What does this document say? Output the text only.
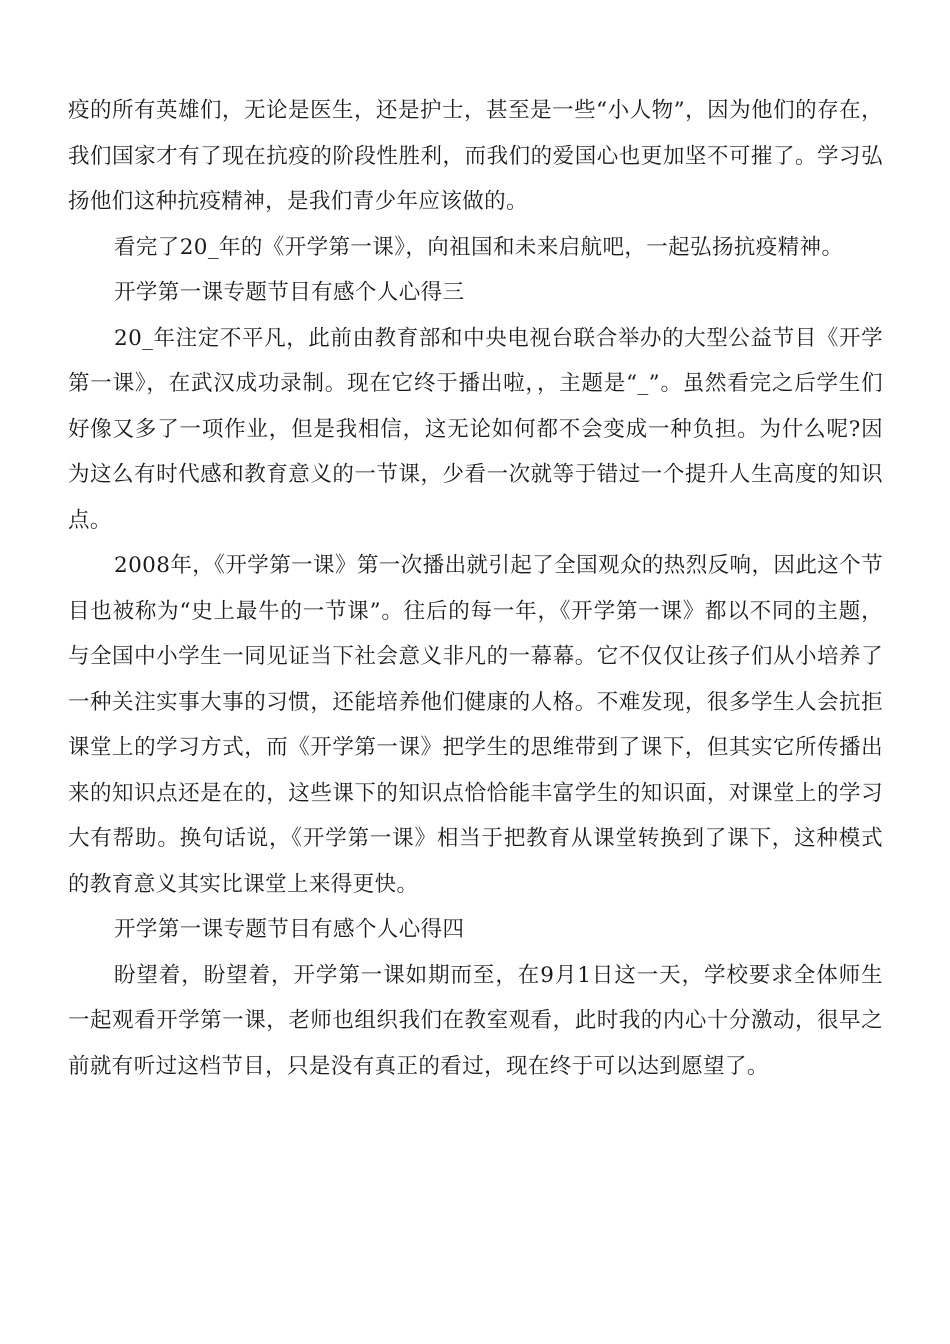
疫的所有英雄们，无论是医生，还是护士，甚至是一些“小人物”，因为他们的存在，我们国家才有了现在抗疫的阶段性胜利，而我们的爱国心也更加坚不可摧了。学习弘扬他们这种抗疫精神，是我们青少年应该做的。

看完了20_年的《开学第一课》，向祖国和未来启航吧，一起弘扬抗疫精神。

开学第一课专题节目有感个人心得三

20_年注定不平凡，此前由教育部和中央电视台联合举办的大型公益节目《开学第一课》，在武汉成功录制。现在它终于播出啦，，主题是“_”。虽然看完之后学生们好像又多了一项作业，但是我相信，这无论如何都不会变成一种负担。为什么呢?因为这么有时代感和教育意义的一节课，少看一次就等于错过一个提升人生高度的知识点。

2008年，《开学第一课》第一次播出就引起了全国观众的热烈反响，因此这个节目也被称为“史上最牛的一节课”。往后的每一年，《开学第一课》都以不同的主题，与全国中小学生一同见证当下社会意义非凡的一幕幕。它不仅仅让孩子们从小培养了一种关注实事大事的习惯，还能培养他们健康的人格。不难发现，很多学生人会抗拒课堂上的学习方式，而《开学第一课》把学生的思维带到了课下，但其实它所传播出来的知识点还是在的，这些课下的知识点恰恰能丰富学生的知识面，对课堂上的学习大有帮助。换句话说，《开学第一课》相当于把教育从课堂转换到了课下，这种模式的教育意义其实比课堂上来得更快。

开学第一课专题节目有感个人心得四

盼望着，盼望着，开学第一课如期而至，在9月1日这一天，学校要求全体师生一起观看开学第一课，老师也组织我们在教室观看，此时我的内心十分激动，很早之前就有听过这档节目，只是没有真正的看过，现在终于可以达到愿望了。
